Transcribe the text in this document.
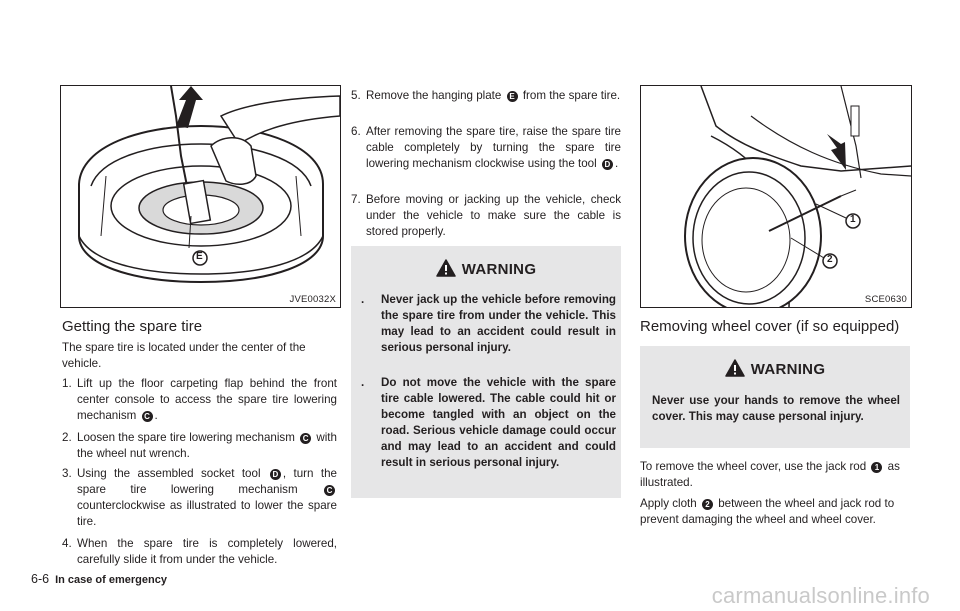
E
JVE0032X
Getting the spare tire

The spare tire is located under the center of the vehicle.

1. Lift up the floor carpeting flap behind the front center console to access the spare tire lowering mechanism C .
2. Loosen the spare tire lowering mechanism C with the wheel nut wrench.
3. Using the assembled socket tool D , turn the spare tire lowering mechanism	C counterclockwise as illustrated to lower the spare tire.
4. When the spare tire is completely lowered, carefully slide it from under the vehicle.
5. Remove the hanging plate E from the spare tire.
6. After removing the spare tire, raise the spare tire cable completely by turning the spare tire lowering mechanism clockwise using the tool D .
7. Before moving or jacking up the vehicle, check under the vehicle to make sure the cable is stored properly.
WARNING
.	Never jack up the vehicle before removing the spare tire from under the vehicle. This may lead to an accident could result in serious personal injury.
.	Do not move the vehicle with the spare tire cable lowered. The cable could hit or become tangled with an object on the road. Serious vehicle damage could occur and may lead to an accident and could result in serious personal injury.
1
2
SCE0630
Removing wheel cover (if so equipped)
WARNING

Never use your hands to remove the wheel cover. This may cause personal injury.

To remove the wheel cover, use the jack rod 1 as illustrated.

Apply cloth 2 between the wheel and jack rod to prevent damaging the wheel and wheel cover.

6-6 In case of emergency
carmanualsonline.info
